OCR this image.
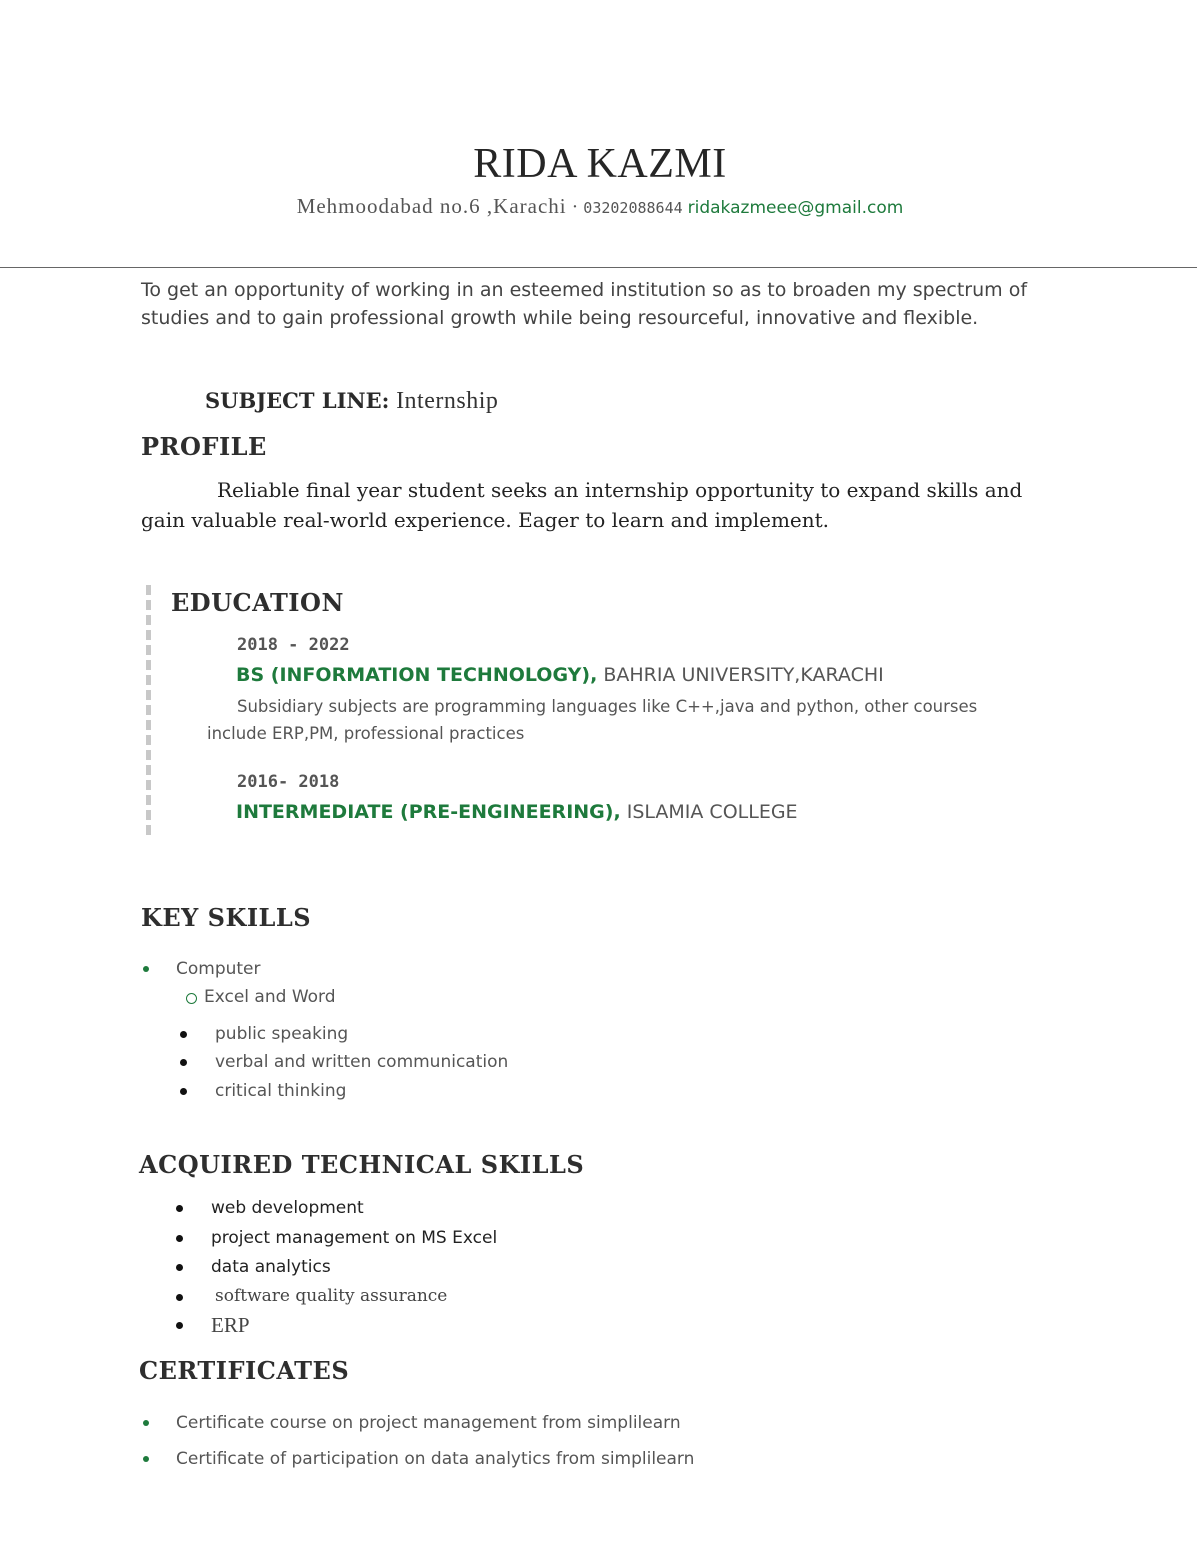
RIDA KAZMI
Mehmoodabad no.6 ,Karachi · 03202088644 ridakazmeee@gmail.com
To get an opportunity of working in an esteemed institution so as to broaden my spectrum of studies and to gain professional growth while being resourceful, innovative and flexible.
SUBJECT LINE: Internship
PROFILE
Reliable final year student seeks an internship opportunity to expand skills and gain valuable real-world experience. Eager to learn and implement.
EDUCATION
2018 - 2022
BS (INFORMATION TECHNOLOGY), BAHRIA UNIVERSITY,KARACHI
Subsidiary subjects are programming languages like C++,java and python, other courses
include ERP,PM, professional practices
2016- 2018
INTERMEDIATE (PRE-ENGINEERING), ISLAMIA COLLEGE
KEY SKILLS
Computer
Excel and Word
public speaking
verbal and written communication
critical thinking
ACQUIRED TECHNICAL SKILLS
web development
project management on MS Excel
data analytics
software quality assurance
ERP
CERTIFICATES
Certificate course on project management from simplilearn
Certificate of participation on data analytics from simplilearn
